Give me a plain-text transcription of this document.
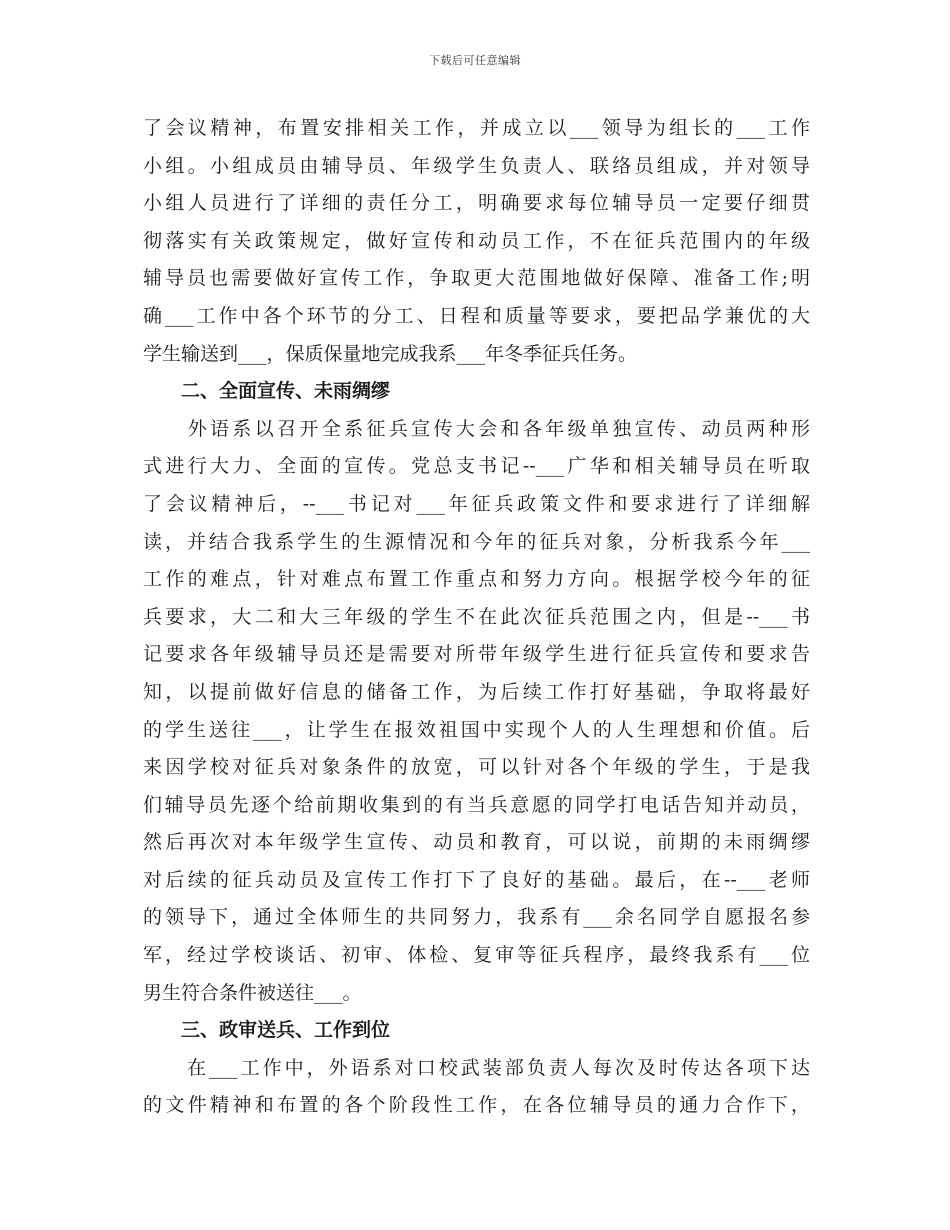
下载后可任意编辑
了会议精神，布置安排相关工作，并成立以___领导为组长的___工作
小组。小组成员由辅导员、年级学生负责人、联络员组成，并对领导
小组人员进行了详细的责任分工，明确要求每位辅导员一定要仔细贯
彻落实有关政策规定，做好宣传和动员工作，不在征兵范围内的年级
辅导员也需要做好宣传工作，争取更大范围地做好保障、准备工作;明
确___工作中各个环节的分工、日程和质量等要求，要把品学兼优的大
学生输送到___，保质保量地完成我系___年冬季征兵任务。
二、全面宣传、未雨绸缪
　　外语系以召开全系征兵宣传大会和各年级单独宣传、动员两种形
式进行大力、全面的宣传。党总支书记--___广华和相关辅导员在听取
了会议精神后，--___书记对___年征兵政策文件和要求进行了详细解
读，并结合我系学生的生源情况和今年的征兵对象，分析我系今年___
工作的难点，针对难点布置工作重点和努力方向。根据学校今年的征
兵要求，大二和大三年级的学生不在此次征兵范围之内，但是--___书
记要求各年级辅导员还是需要对所带年级学生进行征兵宣传和要求告
知，以提前做好信息的储备工作，为后续工作打好基础，争取将最好
的学生送往___，让学生在报效祖国中实现个人的人生理想和价值。后
来因学校对征兵对象条件的放宽，可以针对各个年级的学生，于是我
们辅导员先逐个给前期收集到的有当兵意愿的同学打电话告知并动员，
然后再次对本年级学生宣传、动员和教育，可以说，前期的未雨绸缪
对后续的征兵动员及宣传工作打下了良好的基础。最后，在--___老师
的领导下，通过全体师生的共同努力，我系有___余名同学自愿报名参
军，经过学校谈话、初审、体检、复审等征兵程序，最终我系有___位
男生符合条件被送往___。
三、政审送兵、工作到位
　　在___工作中，外语系对口校武装部负责人每次及时传达各项下达
的文件精神和布置的各个阶段性工作，在各位辅导员的通力合作下，
